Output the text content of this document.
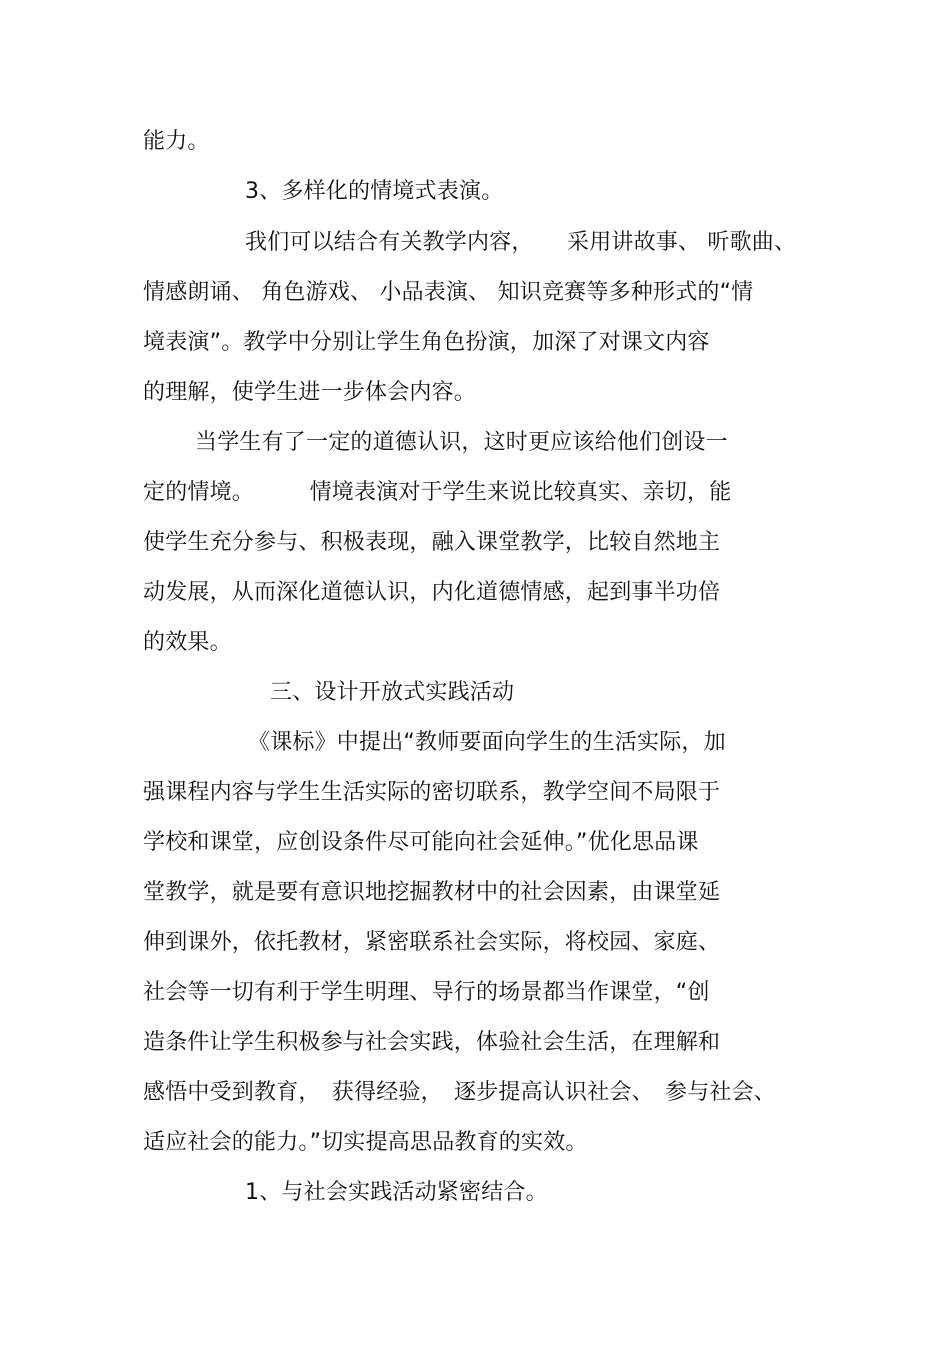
能力。
3、多样化的情境式表演。
我们可以结合有关教学内容，　　采用讲故事、 听歌曲、
情感朗诵、 角色游戏、 小品表演、 知识竞赛等多种形式的“情
境表演”。教学中分别让学生角色扮演，加深了对课文内容
的理解，使学生进一步体会内容。
当学生有了一定的道德认识，这时更应该给他们创设一
定的情境。　　　情境表演对于学生来说比较真实、亲切，能
使学生充分参与、积极表现，融入课堂教学，比较自然地主
动发展，从而深化道德认识，内化道德情感，起到事半功倍
的效果。
三、设计开放式实践活动
《课标》中提出“教师要面向学生的生活实际，加
强课程内容与学生生活实际的密切联系，教学空间不局限于
学校和课堂，应创设条件尽可能向社会延伸。”优化思品课
堂教学，就是要有意识地挖掘教材中的社会因素，由课堂延
伸到课外，依托教材，紧密联系社会实际，将校园、家庭、
社会等一切有利于学生明理、导行的场景都当作课堂，“创
造条件让学生积极参与社会实践，体验社会生活，在理解和
感悟中受到教育，　获得经验，　逐步提高认识社会、　参与社会、
适应社会的能力。”切实提高思品教育的实效。
1、与社会实践活动紧密结合。
